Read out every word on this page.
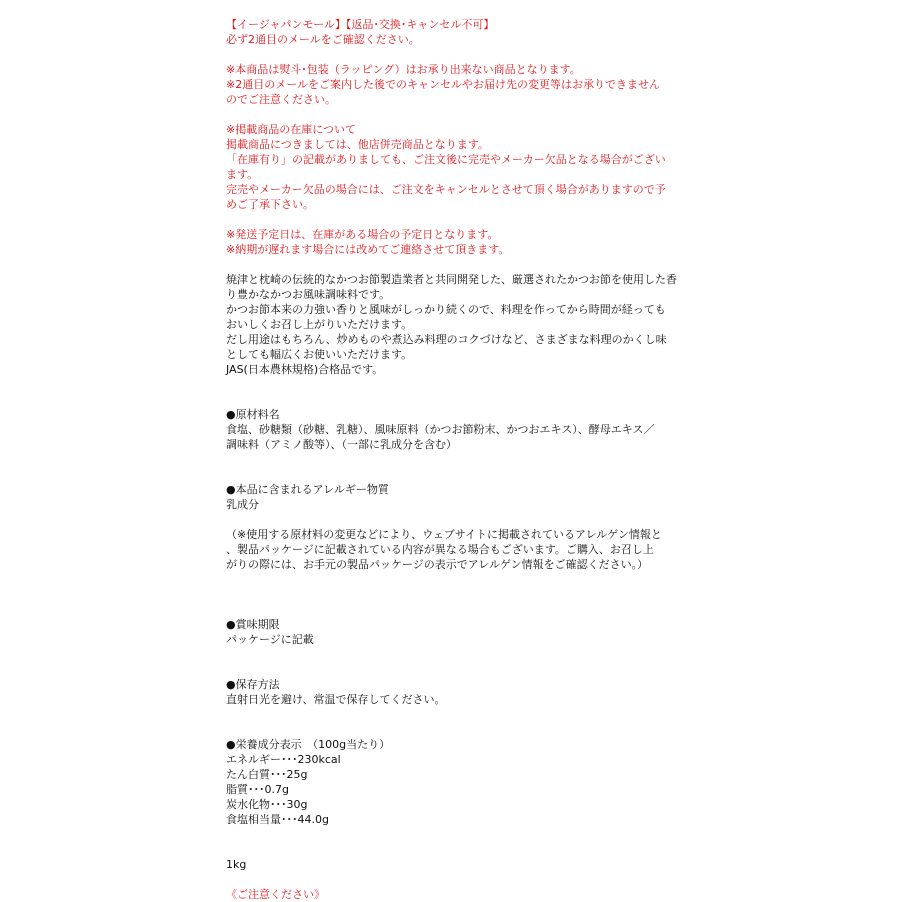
【イージャパンモール】【返品･交換･キャンセル不可】
必ず2通目のメールをご確認ください。
※本商品は熨斗･包装（ラッピング）はお承り出来ない商品となります。
※2通目のメールをご案内した後でのキャンセルやお届け先の変更等はお承りできません
のでご注意ください。
※掲載商品の在庫について
掲載商品につきましては、他店併売商品となります。
「在庫有り」の記載がありましても、ご注文後に完売やメーカー欠品となる場合がござい
ます。
完売やメーカー欠品の場合には、ご注文をキャンセルとさせて頂く場合がありますので予
めご了承下さい。
※発送予定日は、在庫がある場合の予定日となります。
※納期が遅れます場合には改めてご連絡させて頂きます。
焼津と枕崎の伝統的なかつお節製造業者と共同開発した、厳選されたかつお節を使用した香
り豊かなかつお風味調味料です。
かつお節本来の力強い香りと風味がしっかり続くので、料理を作ってから時間が経っても
おいしくお召し上がりいただけます。
だし用途はもちろん、炒めものや煮込み料理のコクづけなど、さまざまな料理のかくし味
としても幅広くお使いいただけます。
JAS(日本農林規格)合格品です。
●原材料名
食塩、砂糖類（砂糖、乳糖）、風味原料（かつお節粉末、かつおエキス）、酵母エキス／
調味料（アミノ酸等）、（一部に乳成分を含む）
●本品に含まれるアレルギー物質
乳成分
（※使用する原材料の変更などにより、ウェブサイトに掲載されているアレルゲン情報と
、製品パッケージに記載されている内容が異なる場合もございます。ご購入、お召し上
がりの際には、お手元の製品パッケージの表示でアレルゲン情報をご確認ください。）
●賞味期限
パッケージに記載
●保存方法
直射日光を避け、常温で保存してください。
●栄養成分表示　（100g当たり）
エネルギー･･･230kcal
たん白質･･･25g
脂質･･･0.7g
炭水化物･･･30g
食塩相当量･･･44.0g
1kg
《ご注意ください》
